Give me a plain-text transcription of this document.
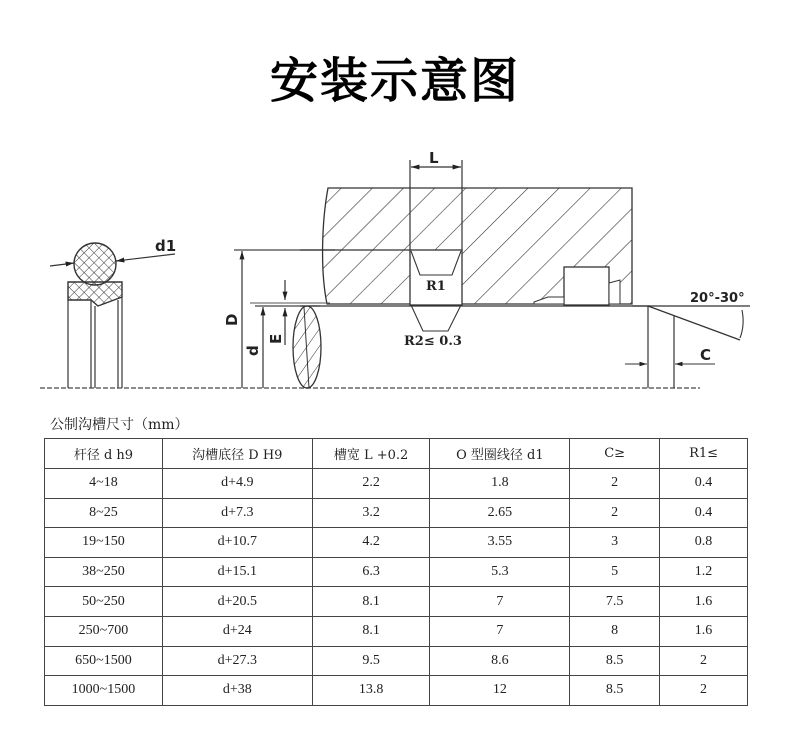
安装示意图
d1
D
d
E
L
R1
R2≤ 0.3
20°-30°
C
公制沟槽尺寸（mm）
杆径 d h9	沟槽底径 D H9	槽宽 L +0.2	O 型圈线径 d1	C≥	R1≤
4~18	d+4.9	2.2	1.8	2	0.4
8~25	d+7.3	3.2	2.65	2	0.4
19~150	d+10.7	4.2	3.55	3	0.8
38~250	d+15.1	6.3	5.3	5	1.2
50~250	d+20.5	8.1	7	7.5	1.6
250~700	d+24	8.1	7	8	1.6
650~1500	d+27.3	9.5	8.6	8.5	2
1000~1500	d+38	13.8	12	8.5	2
